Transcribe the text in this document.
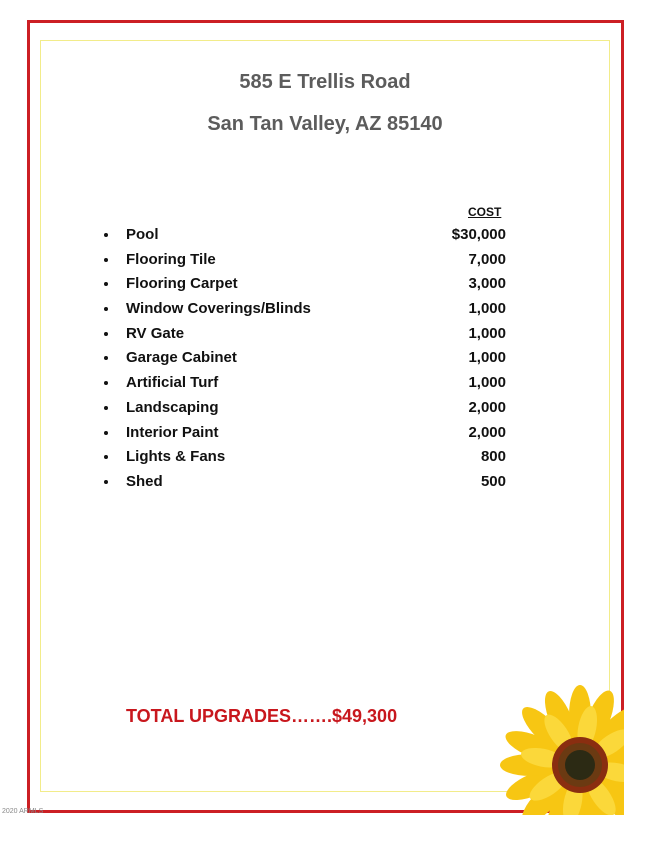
585 E Trellis Road
San Tan Valley, AZ 85140
COST
Pool	$30,000
Flooring Tile	7,000
Flooring Carpet	3,000
Window Coverings/Blinds	1,000
RV Gate	1,000
Garage Cabinet	1,000
Artificial Turf	1,000
Landscaping	2,000
Interior Paint	2,000
Lights & Fans	800
Shed	500
TOTAL UPGRADES…….$49,300
2020 ARMLS
